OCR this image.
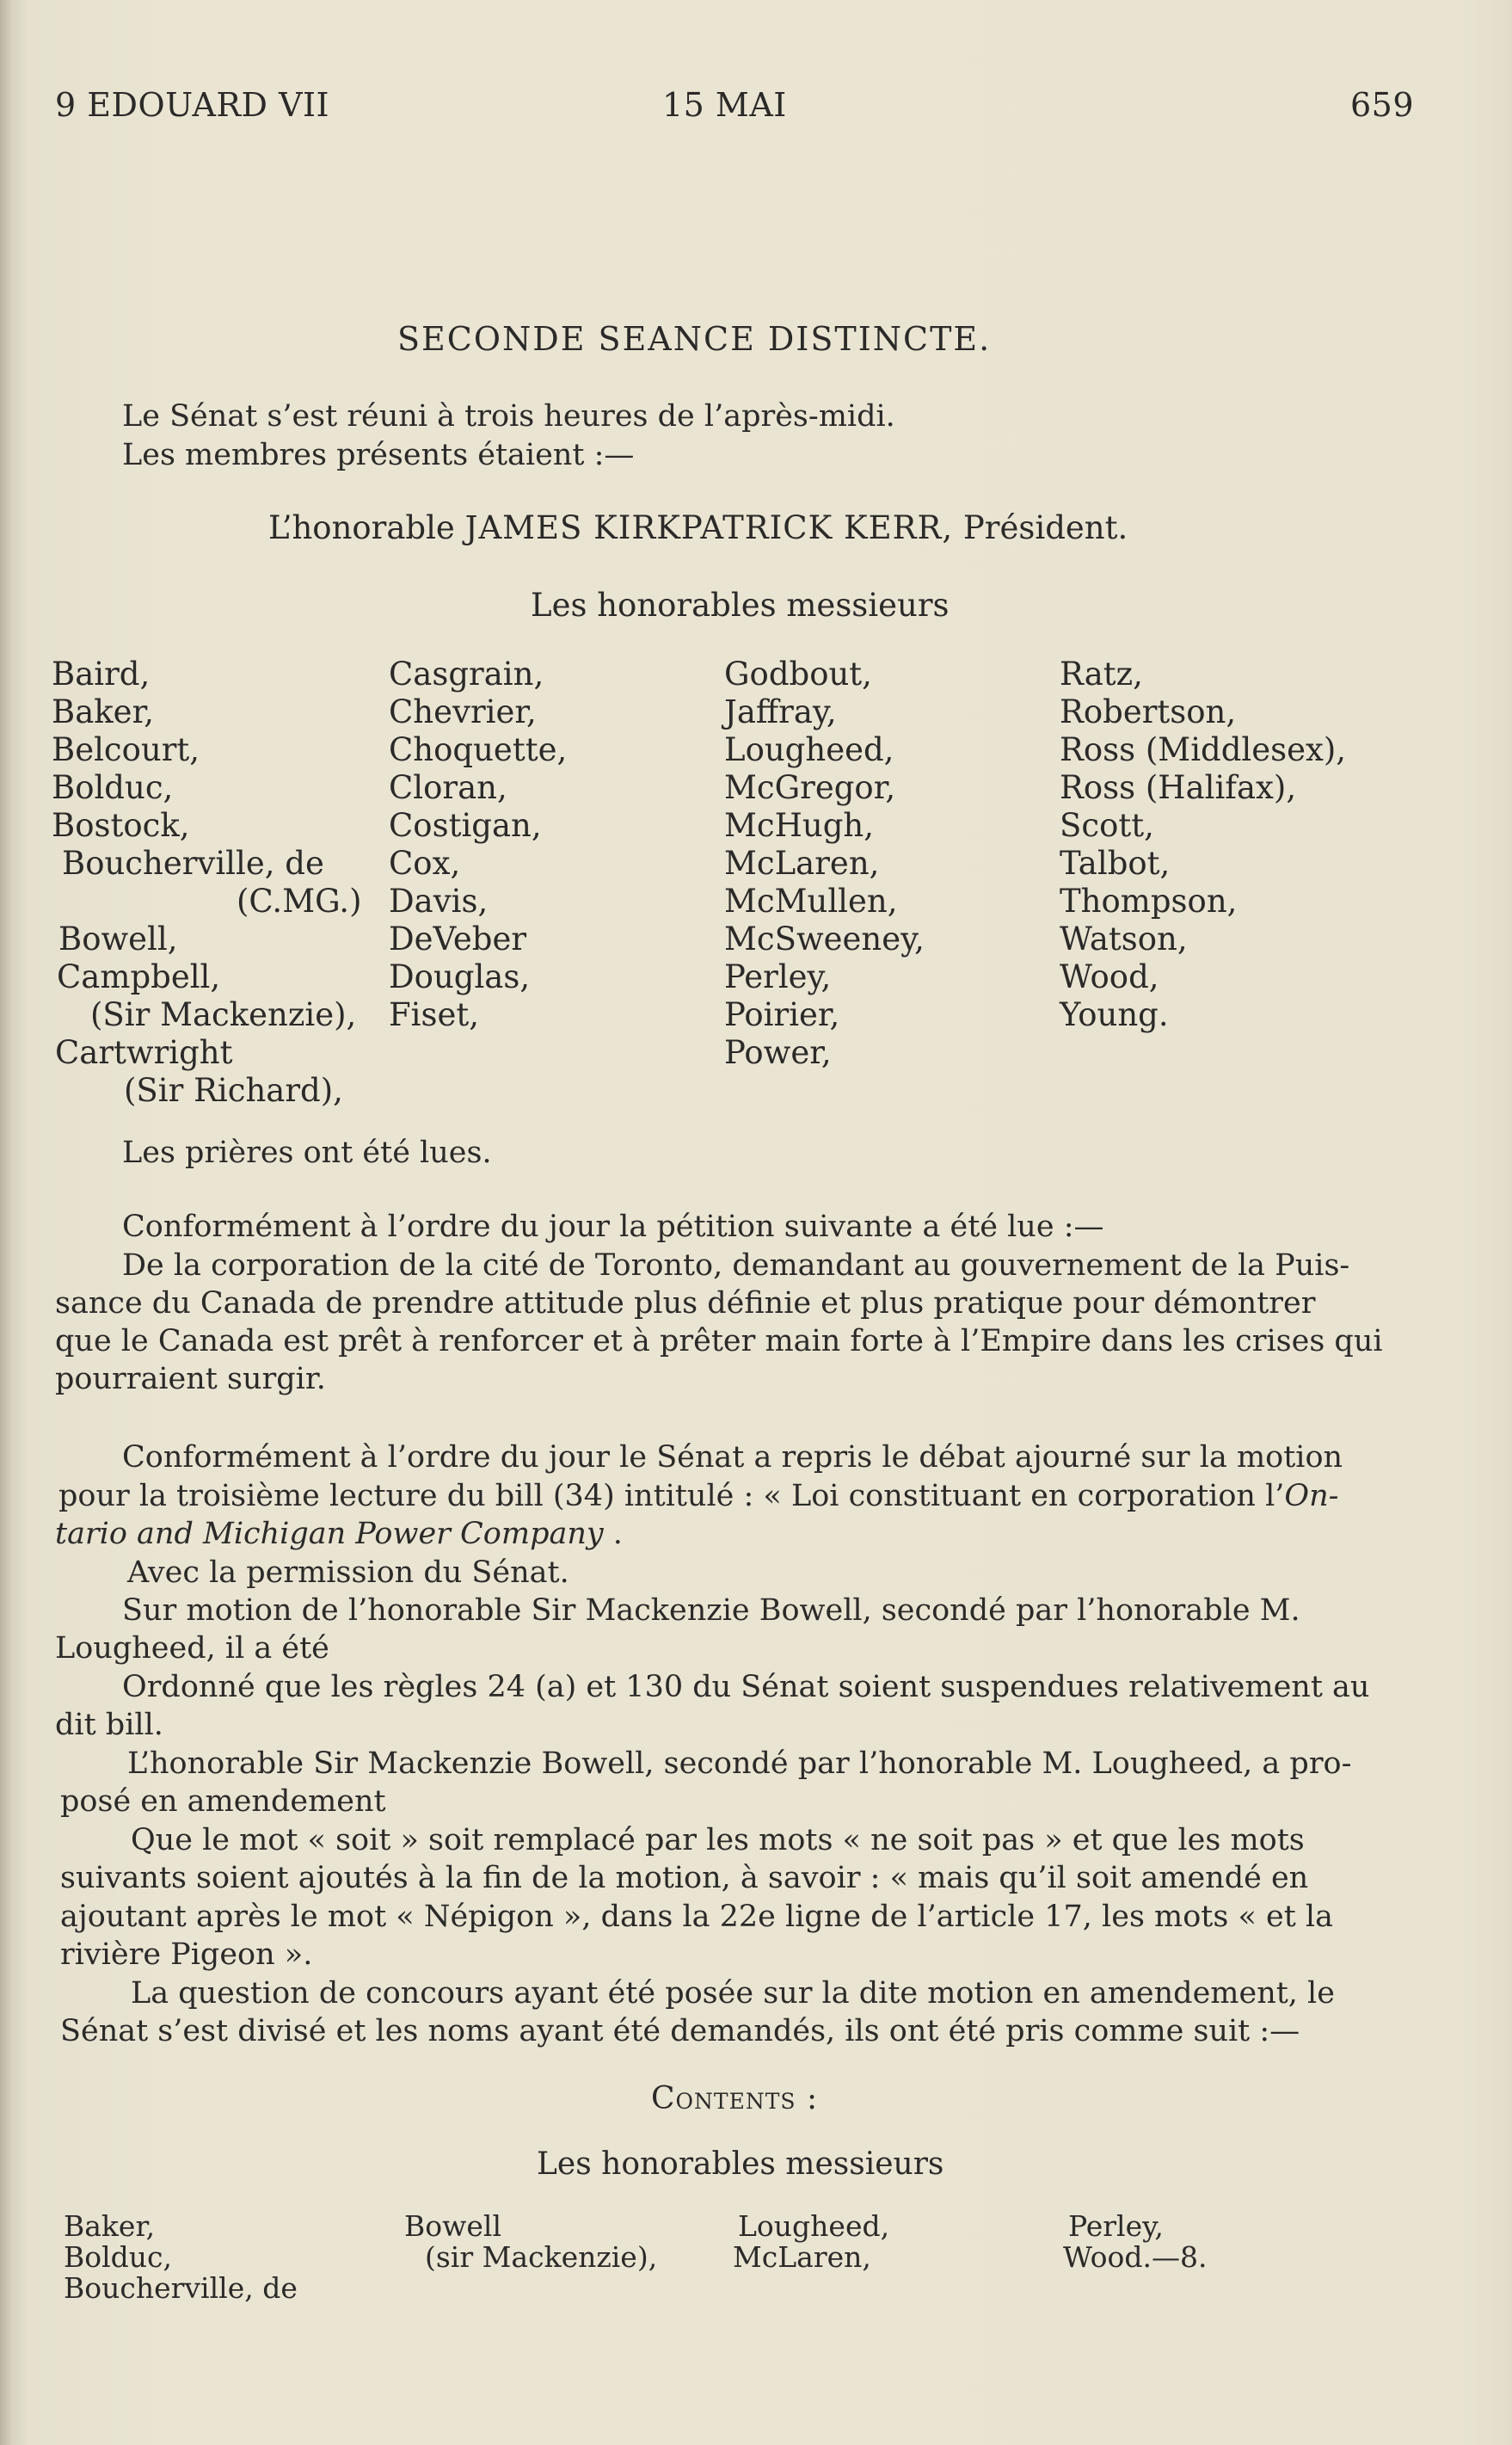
9 EDOUARD VII	15 MAI	659
SECONDE SEANCE DISTINCTE.
Le Sénat s’est réuni à trois heures de l’après-midi.
Les membres présents étaient :—
L’honorable JAMES KIRKPATRICK KERR, Président.
Les honorables messieurs
Baird,
Baker,
Belcourt,
Bolduc,
Bostock,
Boucherville, de
(C.MG.)
Bowell,
Campbell,
(Sir Mackenzie),
Cartwright
(Sir Richard),
Casgrain,
Chevrier,
Choquette,
Cloran,
Costigan,
Cox,
Davis,
DeVeber
Douglas,
Fiset,
Godbout,
Jaffray,
Lougheed,
McGregor,
McHugh,
McLaren,
McMullen,
McSweeney,
Perley,
Poirier,
Power,
Ratz,
Robertson,
Ross (Middlesex),
Ross (Halifax),
Scott,
Talbot,
Thompson,
Watson,
Wood,
Young.
Les prières ont été lues.
Conformément à l’ordre du jour la pétition suivante a été lue :—
De la corporation de la cité de Toronto, demandant au gouvernement de la Puis-
sance du Canada de prendre attitude plus définie et plus pratique pour démontrer
que le Canada est prêt à renforcer et à prêter main forte à l’Empire dans les crises qui
pourraient surgir.
Conformément à l’ordre du jour le Sénat a repris le débat ajourné sur la motion
pour la troisième lecture du bill (34) intitulé : « Loi constituant en corporation l’On-
tario and Michigan Power Company .
Avec la permission du Sénat.
Sur motion de l’honorable Sir Mackenzie Bowell, secondé par l’honorable M.
Lougheed, il a été
Ordonné que les règles 24 (a) et 130 du Sénat soient suspendues relativement au
dit bill.
L’honorable Sir Mackenzie Bowell, secondé par l’honorable M. Lougheed, a pro-
posé en amendement
Que le mot « soit » soit remplacé par les mots « ne soit pas » et que les mots
suivants soient ajoutés à la fin de la motion, à savoir : « mais qu’il soit amendé en
ajoutant après le mot « Népigon », dans la 22e ligne de l’article 17, les mots « et la
rivière Pigeon ».
La question de concours ayant été posée sur la dite motion en amendement, le
Sénat s’est divisé et les noms ayant été demandés, ils ont été pris comme suit :—
Contents :
Les honorables messieurs
Baker,
Bolduc,
Boucherville, de
Bowell
(sir Mackenzie),
Lougheed,
McLaren,
Perley,
Wood.—8.
